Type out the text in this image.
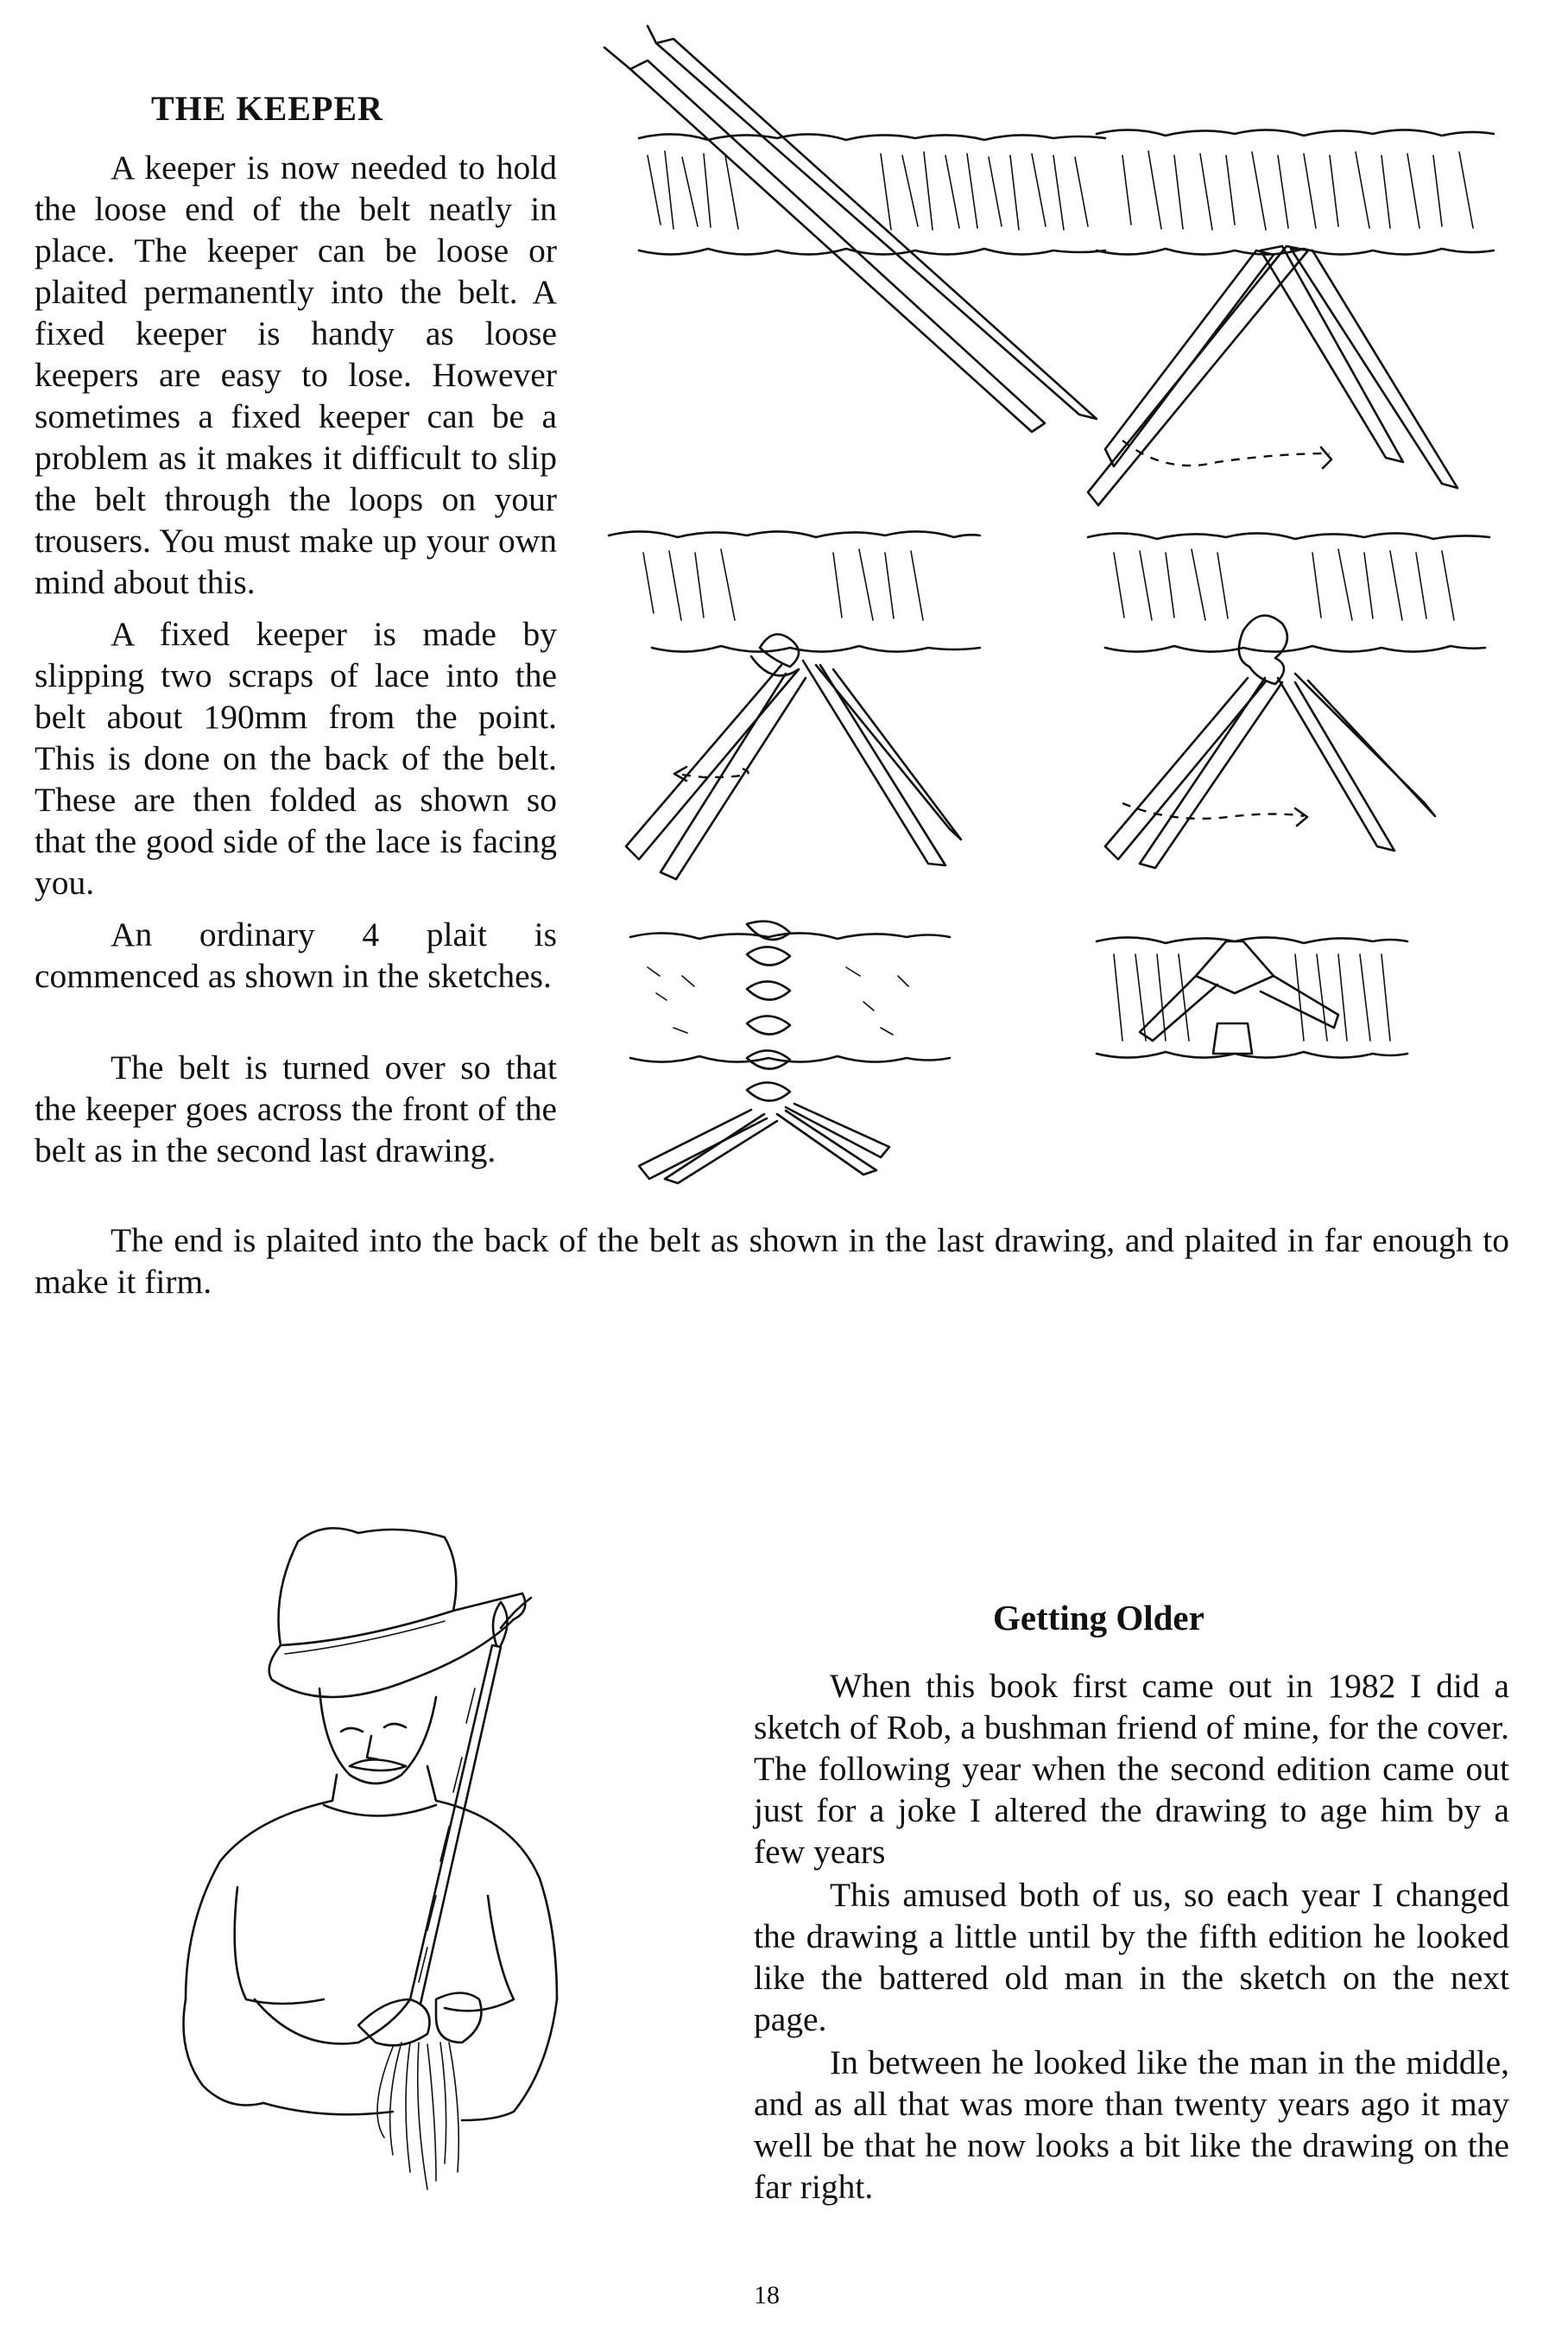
THE KEEPER

A keeper is now needed to hold the loose end of the belt neatly in place. The keeper can be loose or plaited permanently into the belt. A fixed keeper is handy as loose keepers are easy to lose. However sometimes a fixed keeper can be a problem as it makes it difficult to slip the belt through the loops on your trousers. You must make up your own mind about this.

A fixed keeper is made by slipping two scraps of lace into the belt about 190mm from the point. This is done on the back of the belt. These are then folded as shown so that the good side of the lace is facing you.

An ordinary 4 plait is commenced as shown in the sketches.

The belt is turned over so that the keeper goes across the front of the belt as in the second last drawing.

The end is plaited into the back of the belt as shown in the last drawing, and plaited in far enough to make it firm.

Getting Older

When this book first came out in 1982 I did a sketch of Rob, a bushman friend of mine, for the cover. The following year when the second edition came out just for a joke I altered the drawing to age him by a few years

This amused both of us, so each year I changed the drawing a little until by the fifth edition he looked like the battered old man in the sketch on the next page.

In between he looked like the man in the middle, and as all that was more than twenty years ago it may well be that he now looks a bit like the drawing on the far right.

18
